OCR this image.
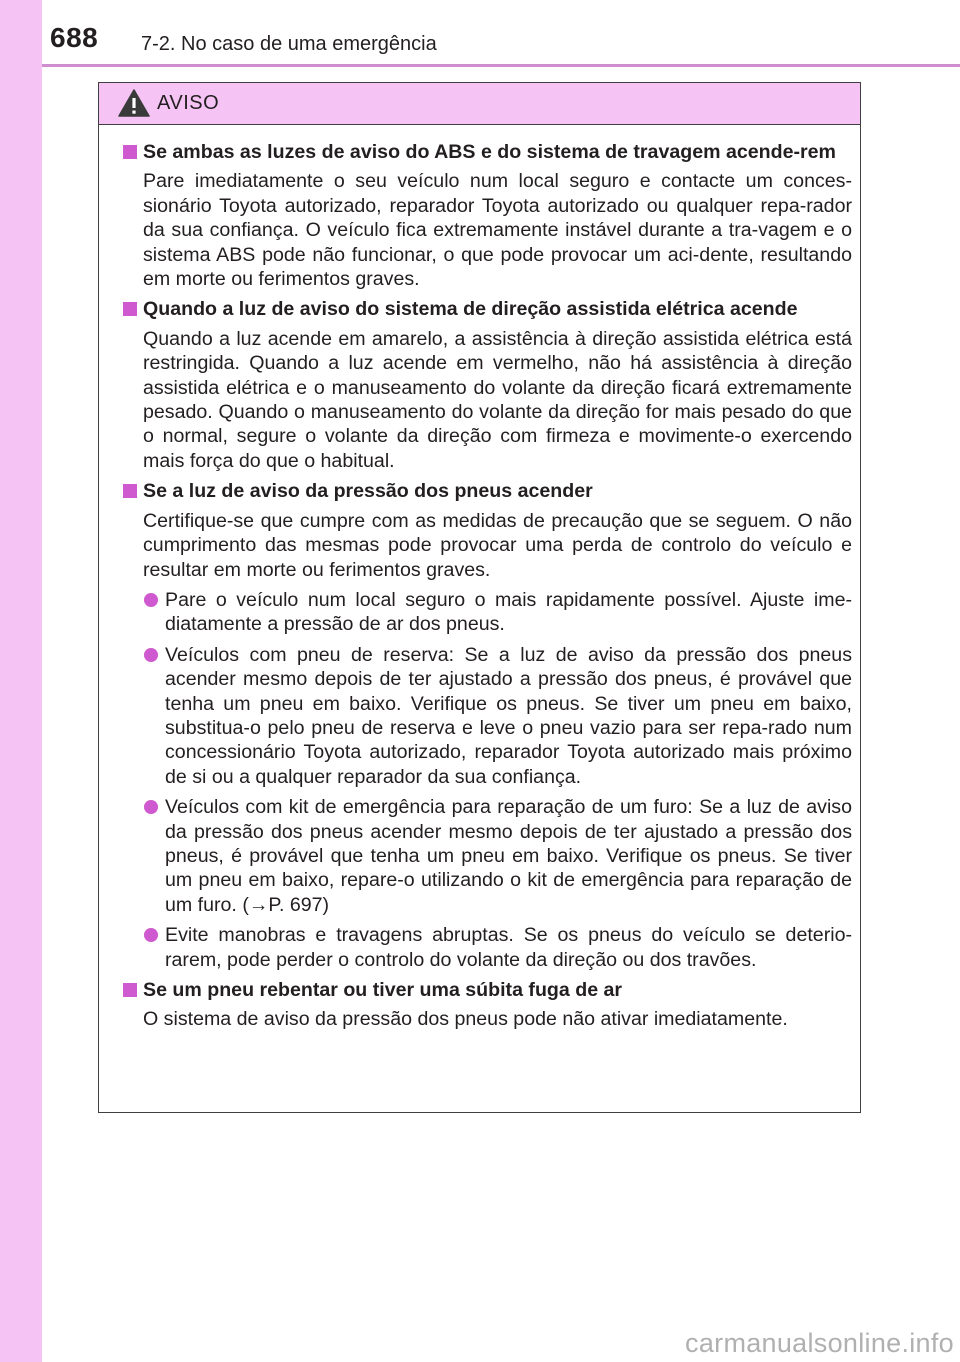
688 7-2. No caso de uma emergência
AVISO
Se ambas as luzes de aviso do ABS e do sistema de travagem acende-rem
Pare imediatamente o seu veículo num local seguro e contacte um conces-sionário Toyota autorizado, reparador Toyota autorizado ou qualquer repa-rador da sua confiança. O veículo fica extremamente instável durante a tra-vagem e o sistema ABS pode não funcionar, o que pode provocar um aci-dente, resultando em morte ou ferimentos graves.
Quando a luz de aviso do sistema de direção assistida elétrica acende
Quando a luz acende em amarelo, a assistência à direção assistida elétrica está restringida. Quando a luz acende em vermelho, não há assistência à direção assistida elétrica e o manuseamento do volante da direção ficará extremamente pesado. Quando o manuseamento do volante da direção for mais pesado do que o normal, segure o volante da direção com firmeza e movimente-o exercendo mais força do que o habitual.
Se a luz de aviso da pressão dos pneus acender
Certifique-se que cumpre com as medidas de precaução que se seguem. O não cumprimento das mesmas pode provocar uma perda de controlo do veículo e resultar em morte ou ferimentos graves.
Pare o veículo num local seguro o mais rapidamente possível. Ajuste ime-diatamente a pressão de ar dos pneus.
Veículos com pneu de reserva: Se a luz de aviso da pressão dos pneus acender mesmo depois de ter ajustado a pressão dos pneus, é provável que tenha um pneu em baixo. Verifique os pneus. Se tiver um pneu em baixo, substitua-o pelo pneu de reserva e leve o pneu vazio para ser repa-rado num concessionário Toyota autorizado, reparador Toyota autorizado mais próximo de si ou a qualquer reparador da sua confiança.
Veículos com kit de emergência para reparação de um furo: Se a luz de aviso da pressão dos pneus acender mesmo depois de ter ajustado a pressão dos pneus, é provável que tenha um pneu em baixo. Verifique os pneus. Se tiver um pneu em baixo, repare-o utilizando o kit de emergência para reparação de um furo. (→P. 697)
Evite manobras e travagens abruptas. Se os pneus do veículo se deterio-rarem, pode perder o controlo do volante da direção ou dos travões.
Se um pneu rebentar ou tiver uma súbita fuga de ar
O sistema de aviso da pressão dos pneus pode não ativar imediatamente.
carmanualsonline.info
